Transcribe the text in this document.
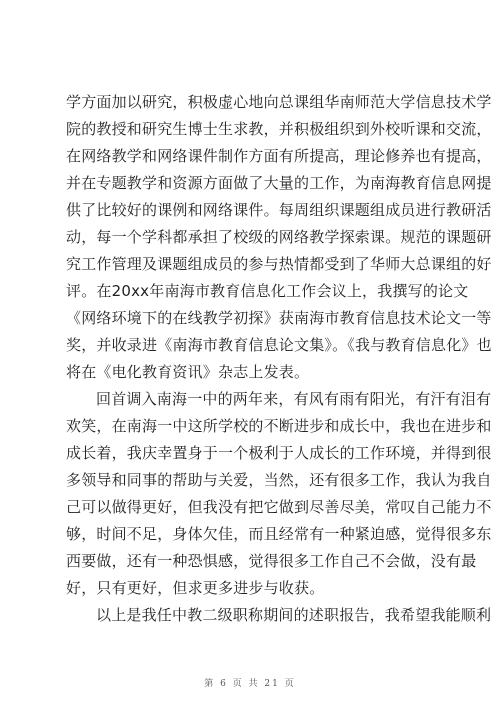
学方面加以研究，积极虚心地向总课组华南师范大学信息技术学
院的教授和研究生博士生求教，并积极组织到外校听课和交流，
在网络教学和网络课件制作方面有所提高，理论修养也有提高，
并在专题教学和资源方面做了大量的工作，为南海教育信息网提
供了比较好的课例和网络课件。每周组织课题组成员进行教研活
动，每一个学科都承担了校级的网络教学探索课。规范的课题研
究工作管理及课题组成员的参与热情都受到了华师大总课组的好
评。在20xx年南海市教育信息化工作会议上，我撰写的论文
《网络环境下的在线教学初探》获南海市教育信息技术论文一等
奖，并收录进《南海市教育信息论文集》。《我与教育信息化》也
将在《电化教育资讯》杂志上发表。
回首调入南海一中的两年来，有风有雨有阳光，有汗有泪有
欢笑，在南海一中这所学校的不断进步和成长中，我也在进步和
成长着，我庆幸置身于一个极利于人成长的工作环境，并得到很
多领导和同事的帮助与关爱，当然，还有很多工作，我认为我自
己可以做得更好，但我没有把它做到尽善尽美，常叹自己能力不
够，时间不足，身体欠佳，而且经常有一种紧迫感，觉得很多东
西要做，还有一种恐惧感，觉得很多工作自己不会做，没有最
好，只有更好，但求更多进步与收获。
以上是我任中教二级职称期间的述职报告，我希望我能顺利
第 6 页 共 21 页
